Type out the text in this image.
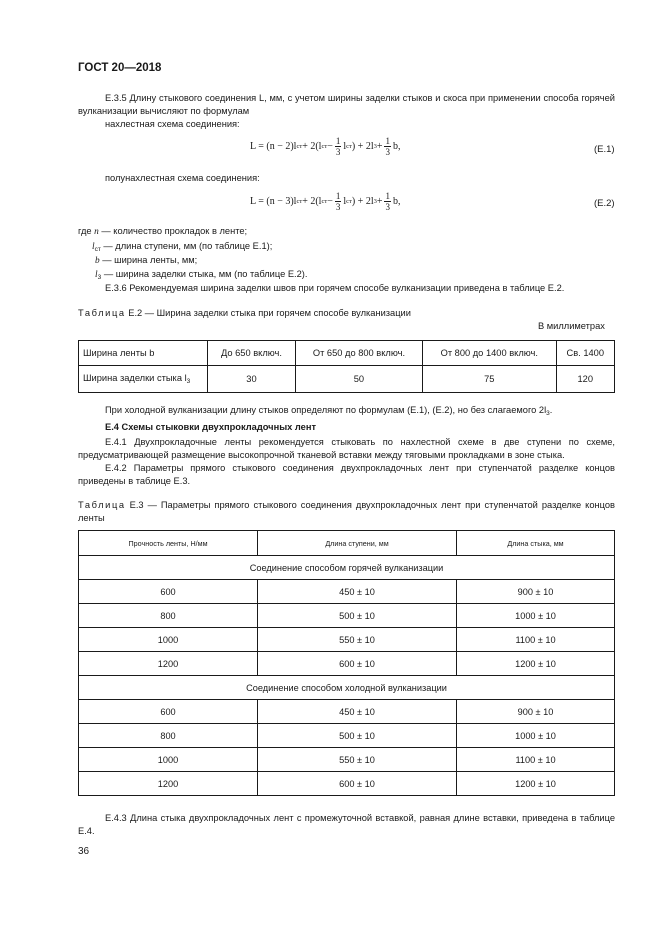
ГОСТ 20—2018

Е.3.5 Длину стыкового соединения L, мм, с учетом ширины заделки стыков и скоса при применении способа горячей вулканизации вычисляют по формулам

нахлестная схема соединения:

L = (n − 2)l ст + 2(l ст − $\frac{1}{3}$ l ст ) + 2l $3 + \frac{1}{3} b$,	(Е.1)

полунахлестная схема соединения:

L = (n − 3)l ст + 2(l ст − $\frac{1}{3}$ l ст ) + 2l $3 + \frac{1}{3} b$,	(Е.2)
где n — количество прокладок в ленте;
$l_{ст}$ — длина ступени, мм (по таблице Е.1);
b — ширина ленты, мм;
$l_3$ — ширина заделки стыка, мм (по таблице Е.2).

Е.3.6 Рекомендуемая ширина заделки швов при горячем способе вулканизации приведена в таблице Е.2.

Таблица Е.2 — Ширина заделки стыка при горячем способе вулканизации

В миллиметрах

Ширина ленты b	До 650 включ.	От 650 до 800 включ.	От 800 до 1400 включ.	Св. 1400
Ширина заделки стыка $l_3$	30	50	75	120

При холодной вулканизации длину стыков определяют по формулам (Е.1), (Е.2), но без слагаемого $2l_3$.

Е.4 Схемы стыковки двухпрокладочных лент

Е.4.1 Двухпрокладочные ленты рекомендуется стыковать по нахлестной схеме в две ступени по схеме, предусматривающей размещение высокопрочной тканевой вставки между тяговыми прокладками в зоне стыка.

Е.4.2 Параметры прямого стыкового соединения двухпрокладочных лент при ступенчатой разделке концов приведены в таблице Е.3.

Таблица Е.3 — Параметры прямого стыкового соединения двухпрокладочных лент при ступенчатой разделке концов ленты

Прочность ленты, Н/мм	Длина ступени, мм	Длина стыка, мм
Соединение способом горячей вулканизации		
600	450 ± 10	900 ± 10
800	500 ± 10	1000 ± 10
1000	550 ± 10	1100 ± 10
1200	600 ± 10	1200 ± 10
Соединение способом холодной вулканизации		
600	450 ± 10	900 ± 10
800	500 ± 10	1000 ± 10
1000	550 ± 10	1100 ± 10
1200	600 ± 10	1200 ± 10

Е.4.3 Длина стыка двухпрокладочных лент с промежуточной вставкой, равная длине вставки, приведена в таблице Е.4.

36
